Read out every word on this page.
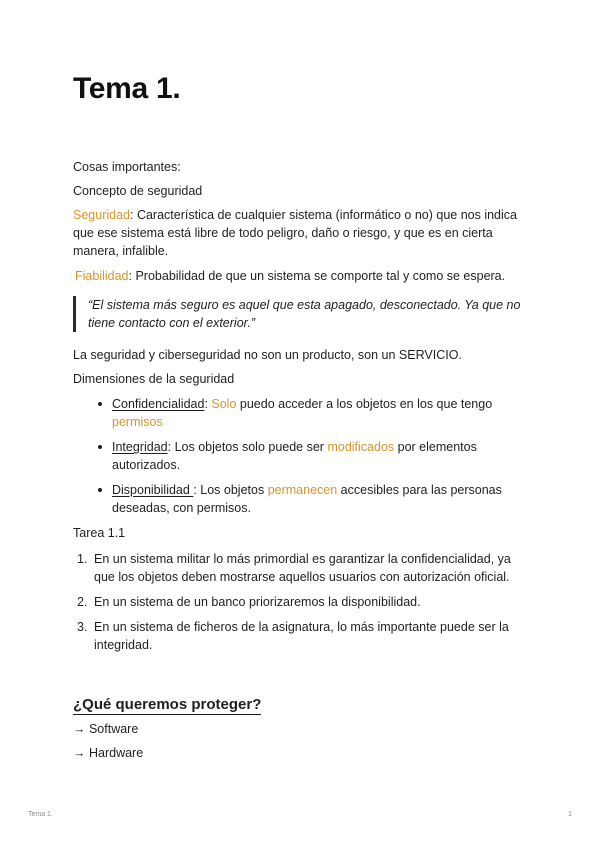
Tema 1.

Cosas importantes:

Concepto de seguridad

Seguridad: Característica de cualquier sistema (informático o no) que nos indica que ese sistema está libre de todo peligro, daño o riesgo, y que es en cierta manera, infalible.

Fiabilidad: Probabilidad de que un sistema se comporte tal y como se espera.

“El sistema más seguro es aquel que esta apagado, desconectado. Ya que no tiene contacto con el exterior.”

La seguridad y ciberseguridad no son un producto, son un SERVICIO.

Dimensiones de la seguridad

Confidencialidad: Solo puedo acceder a los objetos en los que tengo permisos
Integridad: Los objetos solo puede ser modificados por elementos autorizados.
Disponibilidad : Los objetos permanecen accesibles para las personas deseadas, con permisos.

Tarea 1.1

1. En un sistema militar lo más primordial es garantizar la confidencialidad, ya que los objetos deben mostrarse aquellos usuarios con autorización oficial.
2. En un sistema de un banco priorizaremos la disponibilidad.
3. En un sistema de ficheros de la asignatura, lo más importante puede ser la integridad.
¿Qué queremos proteger?
→ Software
→ Hardware
Tema 1.	1
